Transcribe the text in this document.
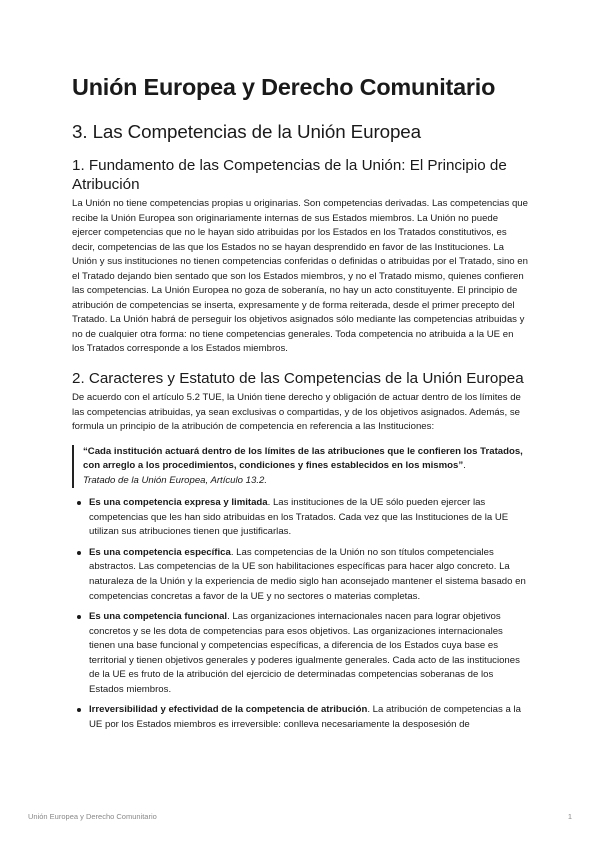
Unión Europea y Derecho Comunitario
3. Las Competencias de la Unión Europea
1. Fundamento de las Competencias de la Unión: El Principio de Atribución

La Unión no tiene competencias propias u originarias. Son competencias derivadas. Las competencias que recibe la Unión Europea son originariamente internas de sus Estados miembros. La Unión no puede ejercer competencias que no le hayan sido atribuidas por los Estados en los Tratados constitutivos, es decir, competencias de las que los Estados no se hayan desprendido en favor de las Instituciones. La Unión y sus instituciones no tienen competencias conferidas o definidas o atribuidas por el Tratado, sino en el Tratado dejando bien sentado que son los Estados miembros, y no el Tratado mismo, quienes confieren las competencias. La Unión Europea no goza de soberanía, no hay un acto constituyente. El principio de atribución de competencias se inserta, expresamente y de forma reiterada, desde el primer precepto del Tratado. La Unión habrá de perseguir los objetivos asignados sólo mediante las competencias atribuidas y no de cualquier otra forma: no tiene competencias generales. Toda competencia no atribuida a la UE en los Tratados corresponde a los Estados miembros.

2. Caracteres y Estatuto de las Competencias de la Unión Europea

De acuerdo con el artículo 5.2 TUE, la Unión tiene derecho y obligación de actuar dentro de los límites de las competencias atribuidas, ya sean exclusivas o compartidas, y de los objetivos asignados. Además, se formula un principio de la atribución de competencia en referencia a las Instituciones:

“Cada institución actuará dentro de los límites de las atribuciones que le confieren los Tratados, con arreglo a los procedimientos, condiciones y fines establecidos en los mismos”.
Tratado de la Unión Europea, Artículo 13.2.
Es una competencia expresa y limitada. Las instituciones de la UE sólo pueden ejercer las competencias que les han sido atribuidas en los Tratados. Cada vez que las Instituciones de la UE utilizan sus atribuciones tienen que justificarlas.
Es una competencia específica. Las competencias de la Unión no son títulos competenciales abstractos. Las competencias de la UE son habilitaciones específicas para hacer algo concreto. La naturaleza de la Unión y la experiencia de medio siglo han aconsejado mantener el sistema basado en competencias concretas a favor de la UE y no sectores o materias completas.
Es una competencia funcional. Las organizaciones internacionales nacen para lograr objetivos concretos y se les dota de competencias para esos objetivos. Las organizaciones internacionales tienen una base funcional y competencias específicas, a diferencia de los Estados cuya base es territorial y tienen objetivos generales y poderes igualmente generales. Cada acto de las instituciones de la UE es fruto de la atribución del ejercicio de determinadas competencias soberanas de los Estados miembros.
Irreversibilidad y efectividad de la competencia de atribución. La atribución de competencias a la UE por los Estados miembros es irreversible: conlleva necesariamente la desposesión de
Unión Europea y Derecho Comunitario	1
